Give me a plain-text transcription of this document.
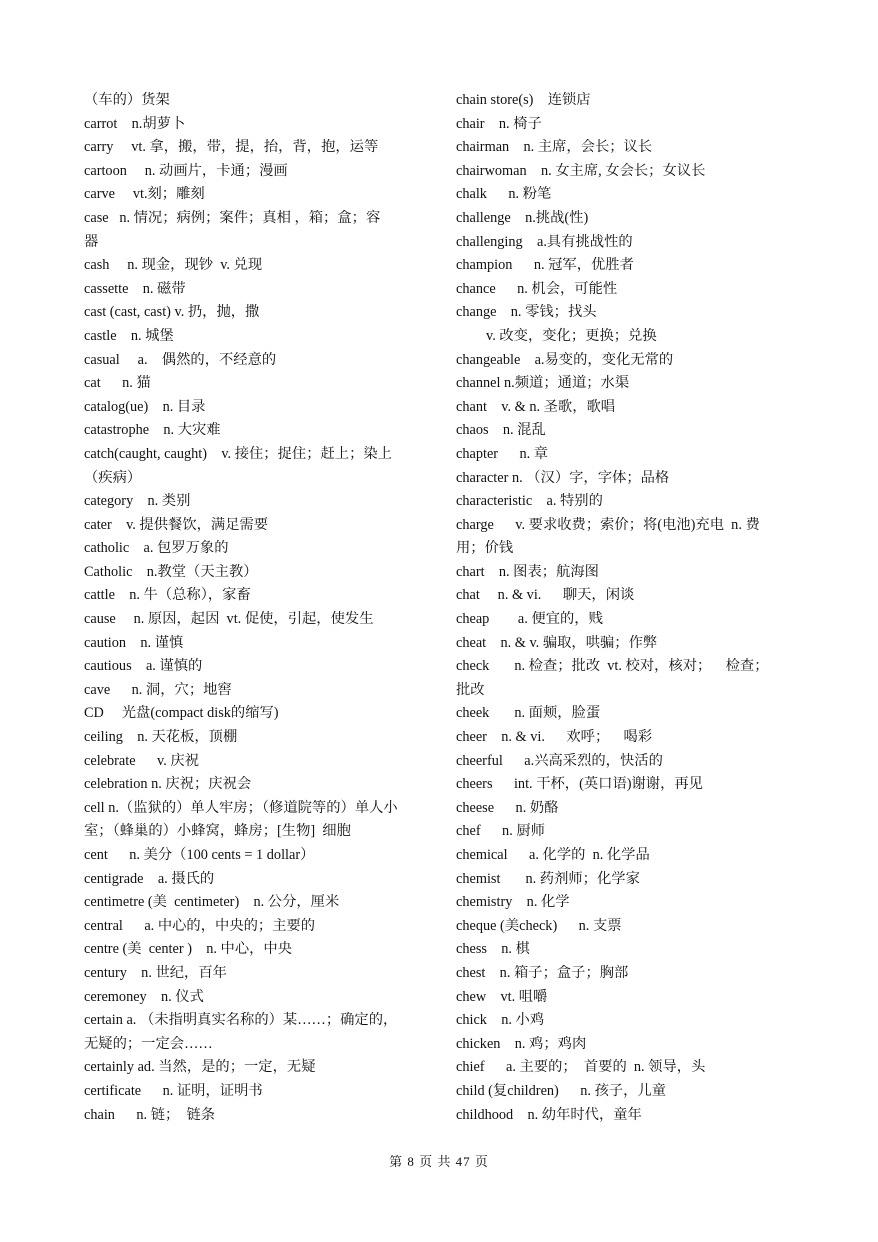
（车的）货架
carrot    n.胡萝卜
carry     vt. 拿，搬，带，提，抬，背，抱，运等
cartoon     n. 动画片，卡通；漫画
carve     vt.刻；雕刻
case   n. 情况；病例；案件；真相 ，箱；盒；容
器
cash     n. 现金，现钞  v. 兑现
cassette    n. 磁带
cast (cast, cast) v. 扔，抛，撒
castle    n. 城堡
casual     a.    偶然的，不经意的
cat      n. 猫
catalog(ue)    n. 目录
catastrophe    n. 大灾难
catch(caught, caught)    v. 接住；捉住；赶上；染上
（疾病）
category    n. 类别
cater    v. 提供餐饮，满足需要
catholic    a. 包罗万象的
Catholic    n.教堂（天主教）
cattle    n. 牛（总称），家畜
cause     n. 原因，起因  vt. 促使，引起，使发生
caution    n. 谨慎
cautious    a. 谨慎的
cave      n. 洞，穴；地窖
CD     光盘(compact disk的缩写)
ceiling    n. 天花板，顶棚
celebrate      v. 庆祝
celebration n. 庆祝；庆祝会
cell n.（监狱的）单人牢房；（修道院等的）单人小
室；（蜂巢的）小蜂窝，蜂房；[生物]  细胞
cent      n. 美分（100 cents = 1 dollar）
centigrade    a. 摄氏的
centimetre (美  centimeter)    n. 公分，厘米
central      a. 中心的，中央的；主要的
centre (美  center )    n. 中心，中央
century    n. 世纪，百年
ceremoney    n. 仪式
certain a. （未指明真实名称的）某……；确定的，
无疑的；一定会……
certainly ad. 当然，是的；一定，无疑
certificate      n. 证明，证明书
chain      n. 链；  链条
chain store(s)    连锁店
chair    n. 椅子
chairman    n. 主席，会长；议长
chairwoman    n. 女主席, 女会长；女议长
chalk      n. 粉笔
challenge    n.挑战(性)
challenging    a.具有挑战性的
champion      n. 冠军，优胜者
chance      n. 机会，可能性
change    n. 零钱；找头
v. 改变，变化；更换；兑换
changeable    a.易变的，变化无常的
channel n.频道；通道；水渠
chant    v. & n. 圣歌，歌唱
chaos    n. 混乱
chapter      n. 章
character n. （汉）字，字体；品格
characteristic    a. 特别的
charge      v. 要求收费；索价；将(电池)充电  n. 费
用；价钱
chart    n. 图表；航海图
chat     n. & vi.      聊天，闲谈
cheap        a. 便宜的，贱
cheat    n. & v. 骗取，哄骗；作弊
check       n. 检查；批改  vt. 校对，核对；    检查；
批改
cheek       n. 面颊，脸蛋
cheer    n. & vi.      欢呼；    喝彩
cheerful      a.兴高采烈的，快活的
cheers      int. 干杯，(英口语)谢谢，再见
cheese      n. 奶酪
chef      n. 厨师
chemical      a. 化学的  n. 化学品
chemist       n. 药剂师；化学家
chemistry    n. 化学
cheque (美check)      n. 支票
chess    n. 棋
chest    n. 箱子；盒子；胸部
chew    vt. 咀嚼
chick    n. 小鸡
chicken    n. 鸡；鸡肉
chief      a. 主要的；  首要的  n. 领导，头
child (复children)      n. 孩子，儿童
childhood    n. 幼年时代，童年
第 8 页 共 47 页
